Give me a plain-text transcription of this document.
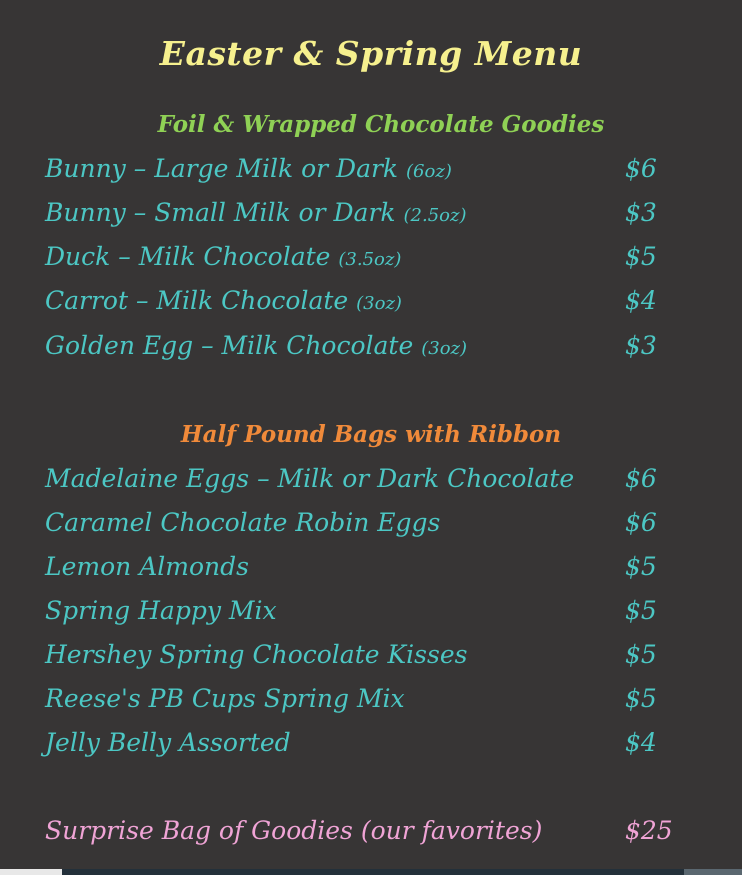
Easter & Spring Menu
Foil & Wrapped Chocolate Goodies
Bunny – Large Milk or Dark (6oz)	$6
Bunny – Small Milk or Dark (2.5oz)	$3
Duck – Milk Chocolate (3.5oz)	$5
Carrot – Milk Chocolate (3oz)	$4
Golden Egg – Milk Chocolate (3oz)	$3
Half Pound Bags with Ribbon
Madelaine Eggs – Milk or Dark Chocolate $6
Caramel Chocolate Robin Eggs	$6
Lemon Almonds	$5
Spring Happy Mix	$5
Hershey Spring Chocolate Kisses	$5
Reese's PB Cups Spring Mix	$5
Jelly Belly Assorted	$4
Surprise Bag of Goodies (our favorites)	$25
